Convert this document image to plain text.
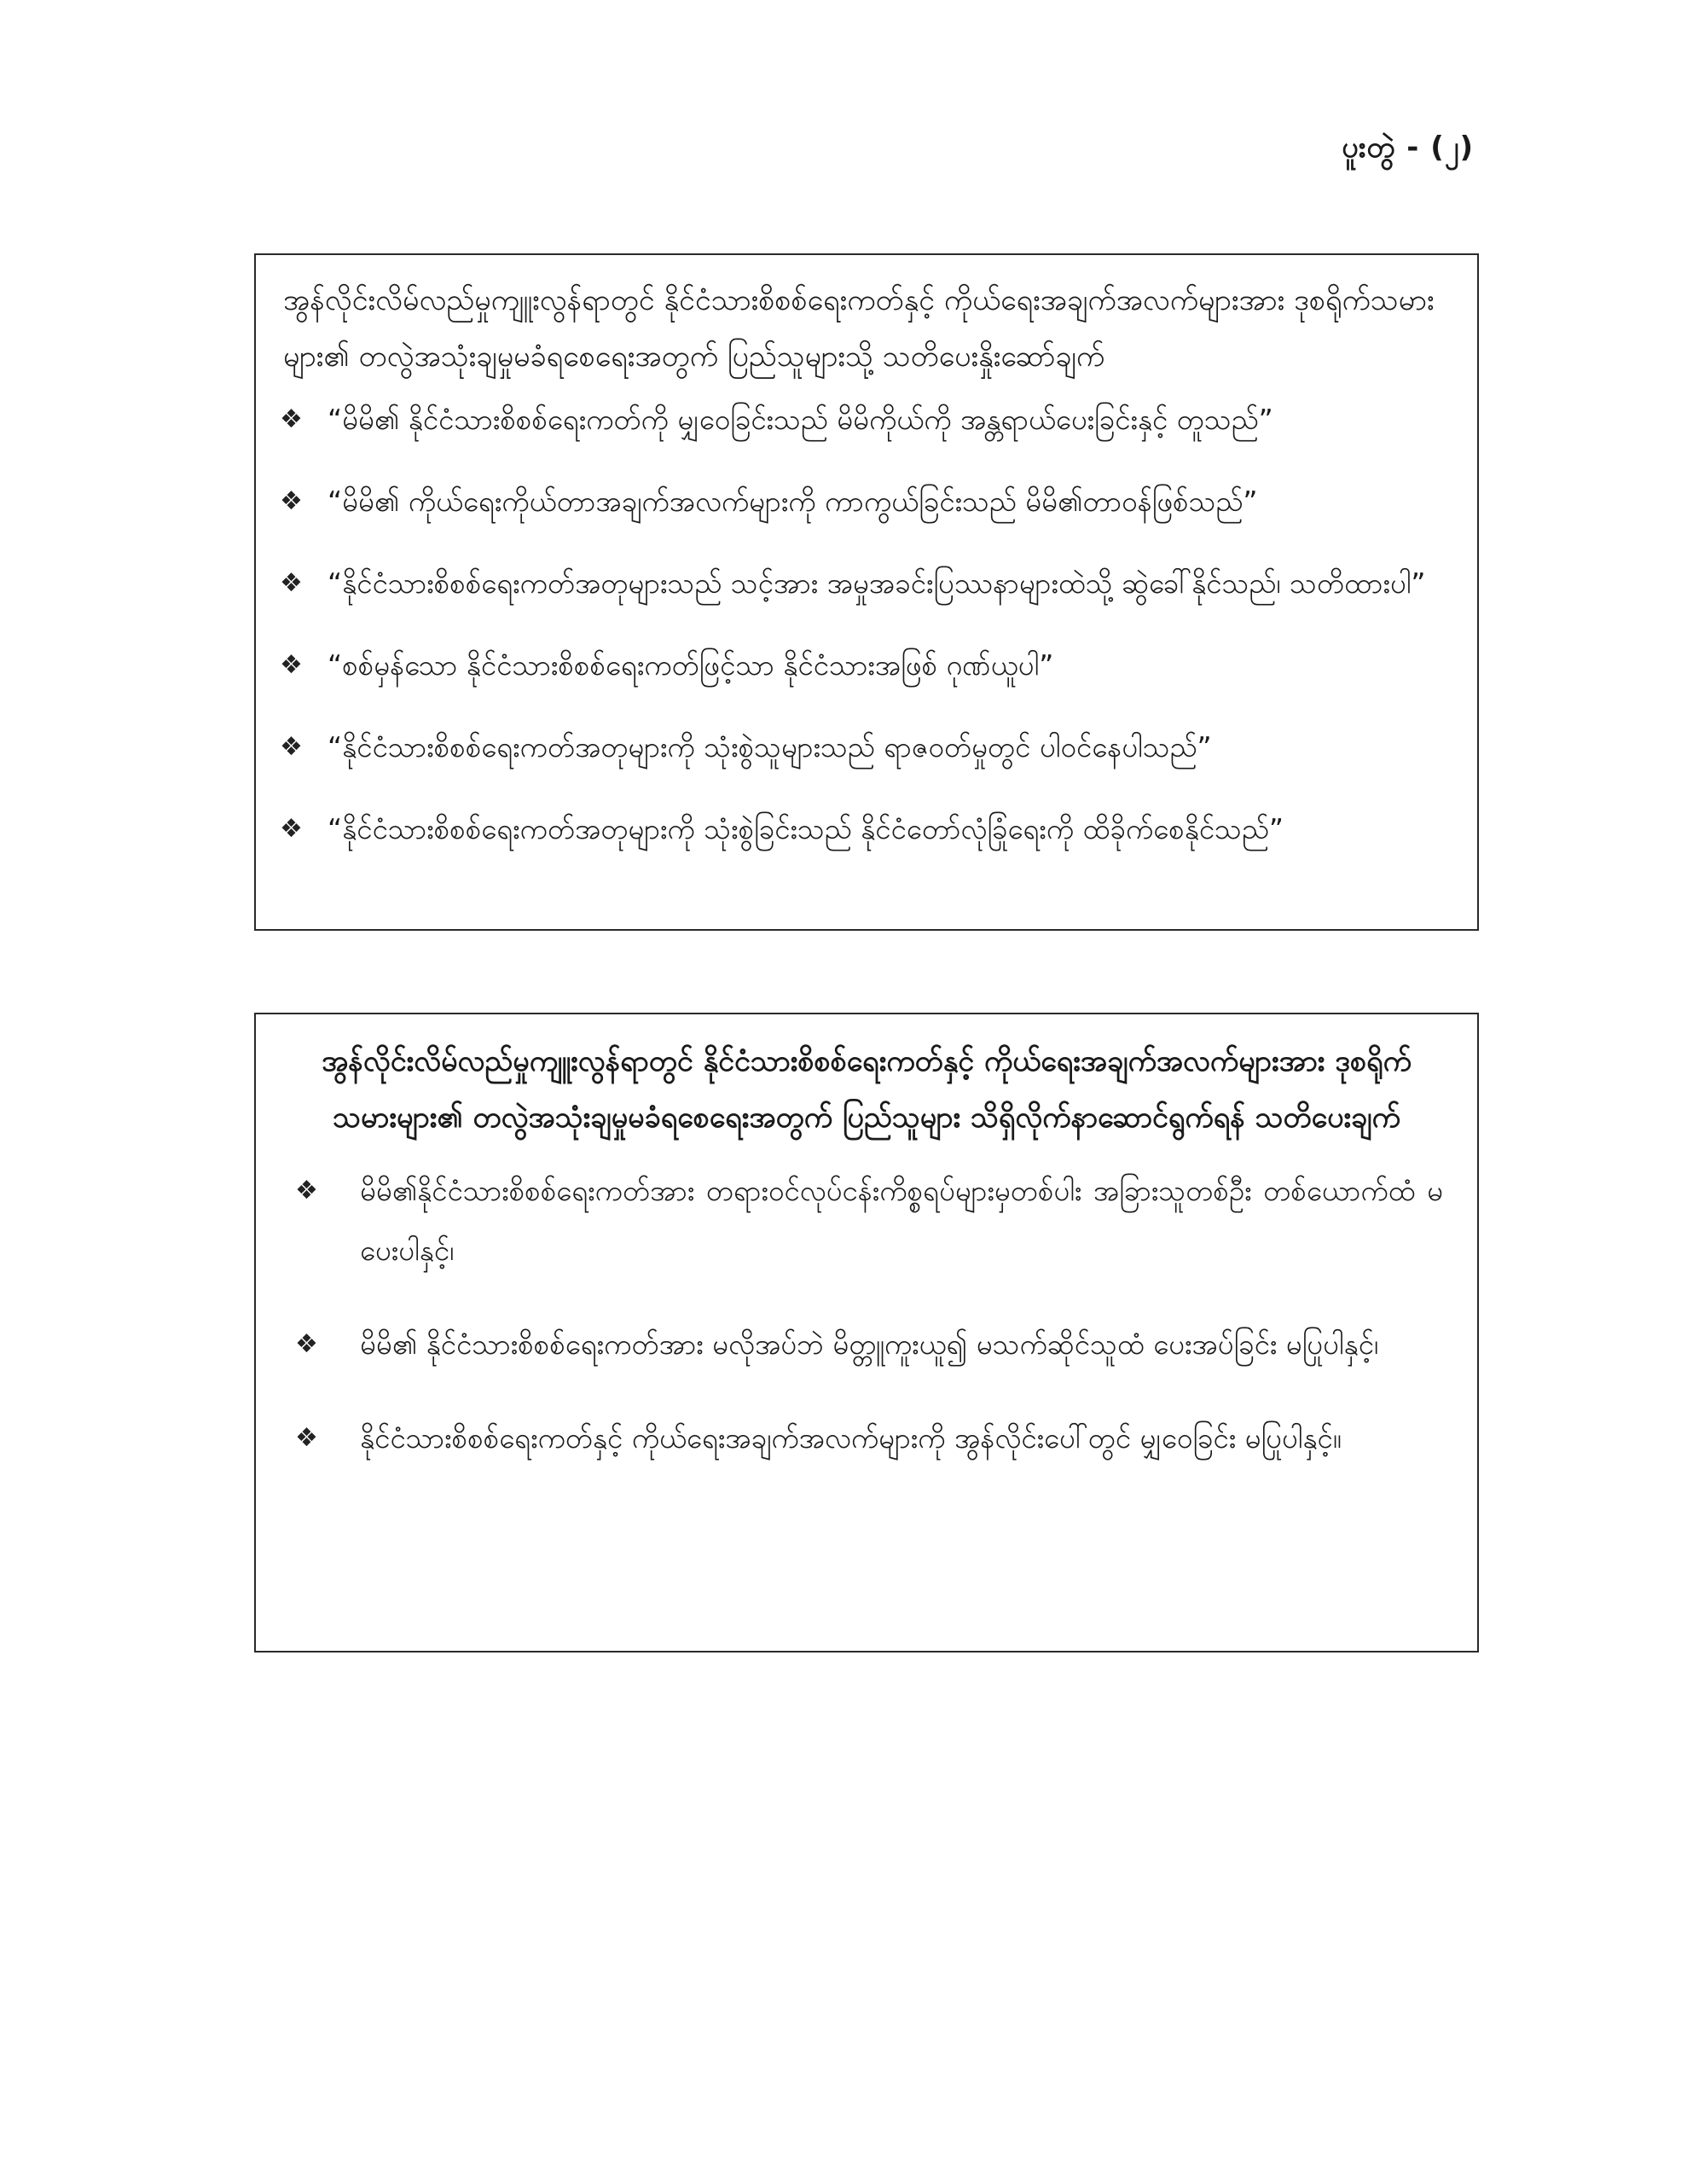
ပူးတွဲ - (၂)
အွန်လိုင်းလိမ်လည်မှုကျူးလွန်ရာတွင် နိုင်ငံသားစိစစ်ရေးကတ်နှင့် ကိုယ်ရေးအချက်အလက်များအား ဒုစရိုက်သမားများ၏ တလွဲအသုံးချမှုမခံရစေရေးအတွက် ပြည်သူများသို့ သတိပေးနှိုးဆော်ချက်
❖	“ မိမိ၏ နိုင်ငံသားစိစစ်ရေးကတ်ကို မျှဝေခြင်းသည် မိမိကိုယ်ကို အန္တရာယ်ပေးခြင်းနှင့် တူသည် ”
❖	“ မိမိ၏ ကိုယ်ရေးကိုယ်တာအချက်အလက်များကို ကာကွယ်ခြင်းသည် မိမိ၏တာဝန်ဖြစ်သည် ”
❖	“ နိုင်ငံသားစိစစ်ရေးကတ်အတုများသည် သင့်အား အမှုအခင်းပြဿနာများထဲသို့ ဆွဲခေါ်နိုင်သည်၊ သတိထားပါ ”
❖	“ စစ်မှန်သော နိုင်ငံသားစိစစ်ရေးကတ်ဖြင့်သာ နိုင်ငံသားအဖြစ် ဂုဏ်ယူပါ ”
❖	“ နိုင်ငံသားစိစစ်ရေးကတ်အတုများကို သုံးစွဲသူများသည် ရာဇဝတ်မှုတွင် ပါဝင်နေပါသည် ”
❖	“ နိုင်ငံသားစိစစ်ရေးကတ်အတုများကို သုံးစွဲခြင်းသည် နိုင်ငံတော်လုံခြုံရေးကို ထိခိုက်စေနိုင်သည် ”
အွန်လိုင်းလိမ်လည်မှုကျူးလွန်ရာတွင် နိုင်ငံသားစိစစ်ရေးကတ်နှင့် ကိုယ်ရေးအချက်အလက်များအား ဒုစရိုက်သမားများ၏ တလွဲအသုံးချမှုမခံရစေရေးအတွက် ပြည်သူများ သိရှိလိုက်နာဆောင်ရွက်ရန် သတိပေးချက်
❖	မိမိ၏နိုင်ငံသားစိစစ်ရေးကတ်အား တရားဝင်လုပ်ငန်းကိစ္စရပ်များမှတစ်ပါး အခြားသူတစ်ဦး တစ်ယောက်ထံ မပေးပါနှင့်၊
❖	မိမိ၏ နိုင်ငံသားစိစစ်ရေးကတ်အား မလိုအပ်ဘဲ မိတ္တူကူးယူ၍ မသက်ဆိုင်သူထံ ပေးအပ်ခြင်း မပြုပါနှင့်၊
❖	နိုင်ငံသားစိစစ်ရေးကတ်နှင့် ကိုယ်ရေးအချက်အလက်များကို အွန်လိုင်းပေါ်တွင် မျှဝေခြင်း မပြုပါနှင့်။
